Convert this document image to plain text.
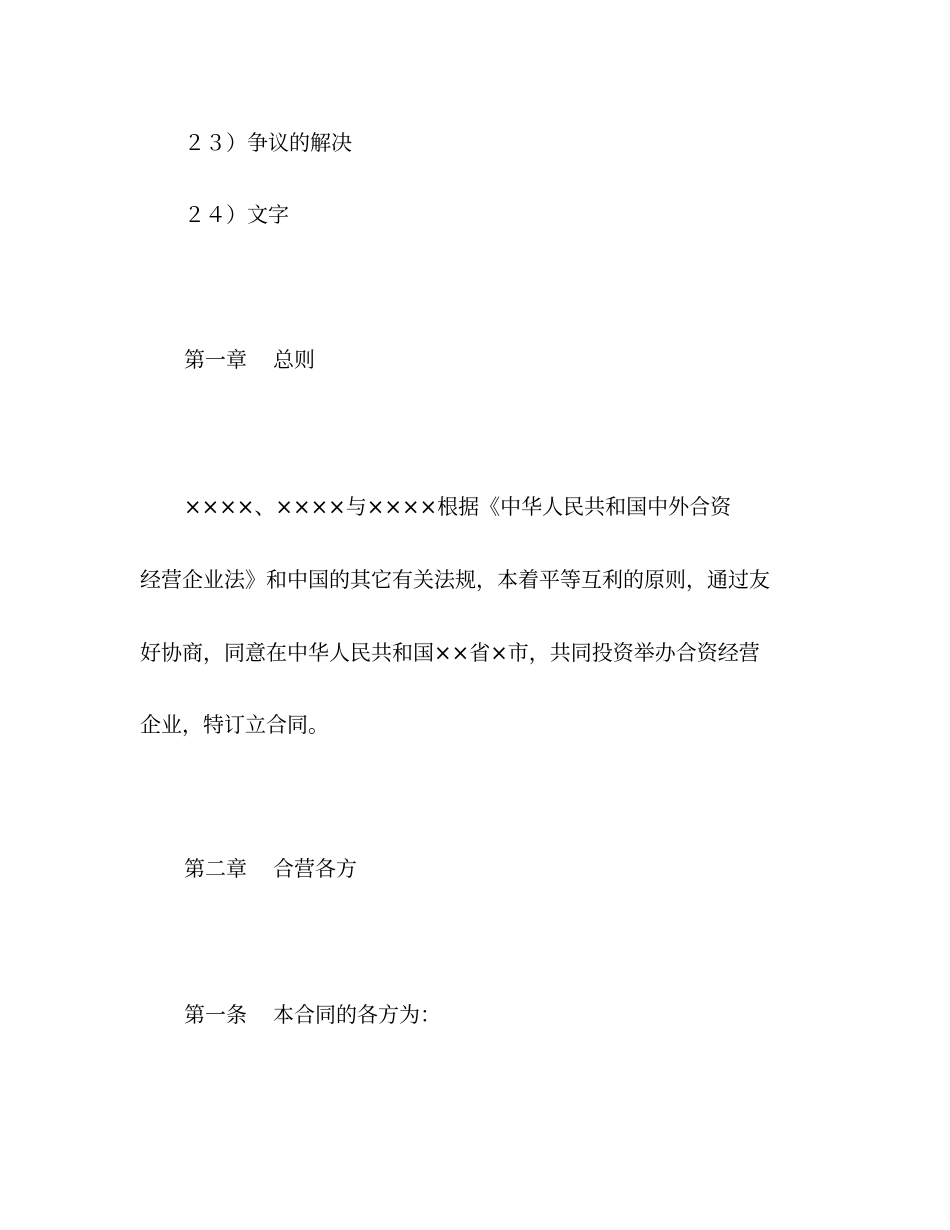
２３）争议的解决

２４）文字

第一章 总则

××××、××××与××××根据《中华人民共和国中外合资

经营企业法》和中国的其它有关法规，本着平等互利的原则，通过友

好协商，同意在中华人民共和国××省×市，共同投资举办合资经营

企业，特订立合同。

第二章 合营各方

第一条 本合同的各方为：
